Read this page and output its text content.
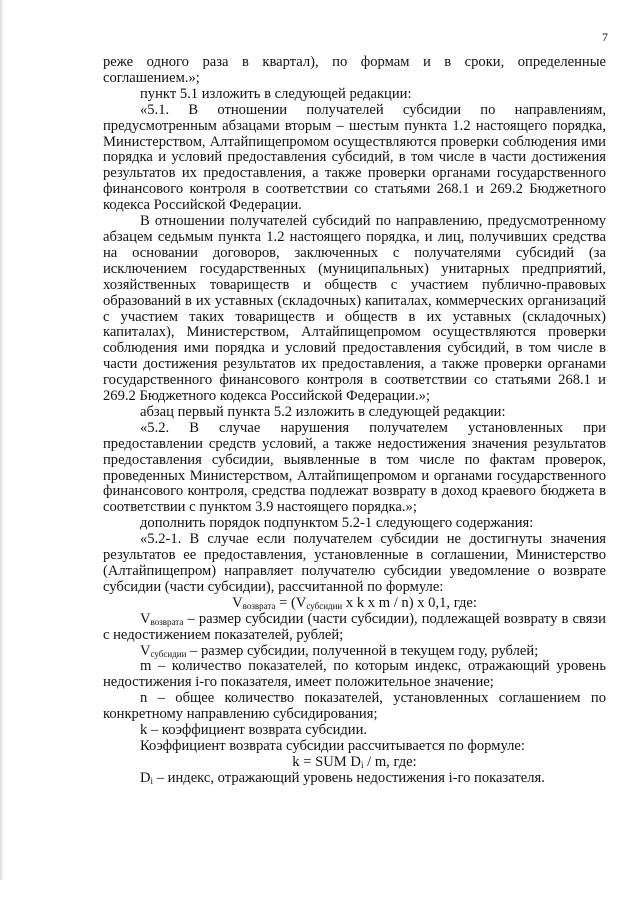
7

реже одного раза в квартал), по формам и в сроки, определенные соглашением.»;

пункт 5.1 изложить в следующей редакции:

«5.1. В отношении получателей субсидии по направлениям, предусмотренным абзацами вторым – шестым пункта 1.2 настоящего порядка, Министерством, Алтайпищепромом осуществляются проверки соблюдения ими порядка и условий предоставления субсидий, в том числе в части достижения результатов их предоставления, а также проверки органами государственного финансового контроля в соответствии со статьями 268.1 и 269.2 Бюджетного кодекса Российской Федерации.

В отношении получателей субсидий по направлению, предусмотренному абзацем седьмым пункта 1.2 настоящего порядка, и лиц, получивших средства на основании договоров, заключенных с получателями субсидий (за исключением государственных (муниципальных) унитарных предприятий, хозяйственных товариществ и обществ с участием публично-правовых образований в их уставных (складочных) капиталах, коммерческих организаций с участием таких товариществ и обществ в их уставных (складочных) капиталах), Министерством, Алтайпищепромом осуществляются проверки соблюдения ими порядка и условий предоставления субсидий, в том числе в части достижения результатов их предоставления, а также проверки органами государственного финансового контроля в соответствии со статьями 268.1 и 269.2 Бюджетного кодекса Российской Федерации.»;

абзац первый пункта 5.2 изложить в следующей редакции:

«5.2. В случае нарушения получателем установленных при предоставлении средств условий, а также недостижения значения результатов предоставления субсидии, выявленные в том числе по фактам проверок, проведенных Министерством, Алтайпищепромом и органами государственного финансового контроля, средства подлежат возврату в доход краевого бюджета в соответствии с пунктом 3.9 настоящего порядка.»;

дополнить порядок подпунктом 5.2-1 следующего содержания:

«5.2-1. В случае если получателем субсидии не достигнуты значения результатов ее предоставления, установленные в соглашении, Министерство (Алтайпищепром) направляет получателю субсидии уведомление о возврате субсидии (части субсидии), рассчитанной по формуле:

$V_{возврата} = (V_{субсидии}$ x k x m / n) x 0,1, где:

$V_{возврата}$ – размер субсидии (части субсидии), подлежащей возврату в связи с недостижением показателей, рублей;

$V_{субсидии}$ – размер субсидии, полученной в текущем году, рублей;

m – количество показателей, по которым индекс, отражающий уровень недостижения i-го показателя, имеет положительное значение;

n – общее количество показателей, установленных соглашением по конкретному направлению субсидирования;

k – коэффициент возврата субсидии.

Коэффициент возврата субсидии рассчитывается по формуле:

k = SUM $D_i$ / m, где:

$D_i$ – индекс, отражающий уровень недостижения i-го показателя.
